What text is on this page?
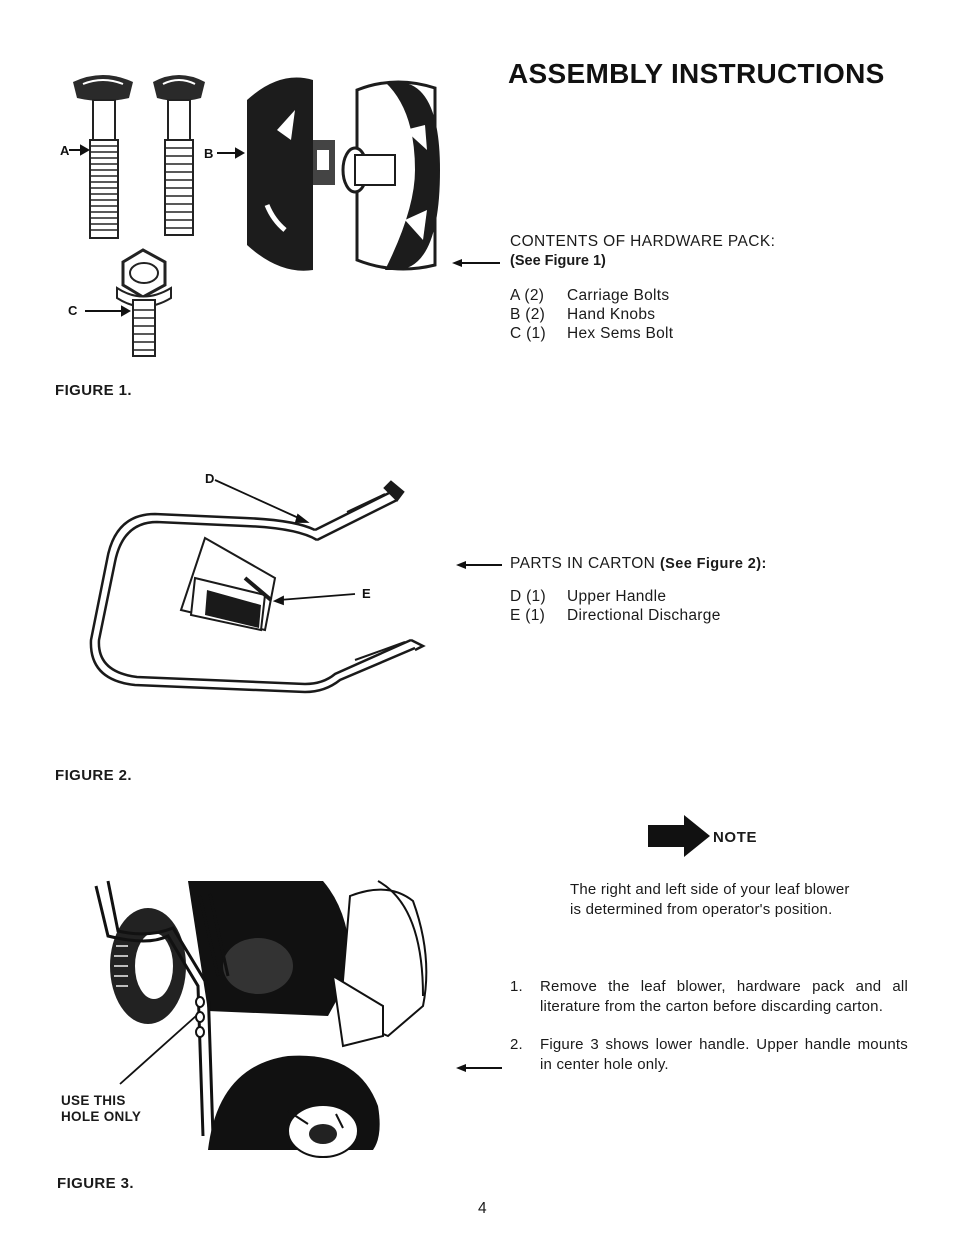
ASSEMBLY INSTRUCTIONS
A	B
C
FIGURE 1.
CONTENTS OF HARDWARE PACK:
(See Figure 1)
A (2)	Carriage Bolts
B (2)	Hand Knobs
C (1)	Hex Sems Bolt
D
E
FIGURE 2.
PARTS IN CARTON (See Figure 2):
D (1)	Upper Handle
E (1)	Directional Discharge
NOTE
The right and left side of your leaf blower is determined from operator's position.
1.	Remove the leaf blower, hardware pack and all literature from the carton before discarding carton.
2.	Figure 3 shows lower handle. Upper handle mounts in center hole only.
USE THIS
HOLE ONLY
FIGURE 3.
4
